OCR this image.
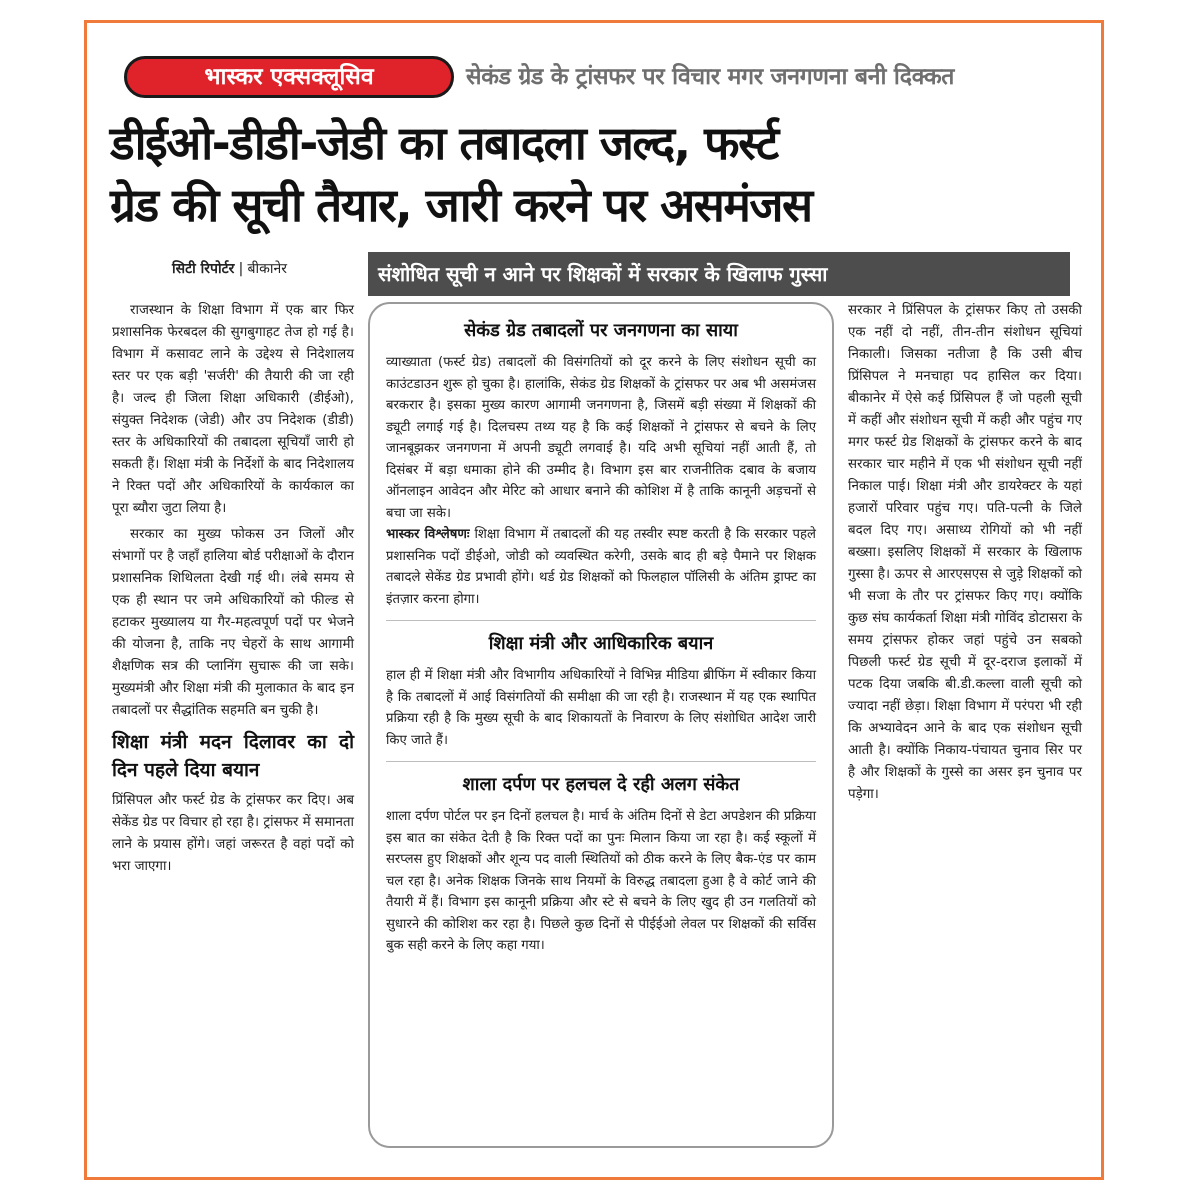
भास्कर एक्सक्लूसिव	सेकंड ग्रेड के ट्रांसफर पर विचार मगर जनगणना बनी दिक्कत
डीईओ-डीडी-जेडी का तबादला जल्द, फर्स्ट
ग्रेड की सूची तैयार, जारी करने पर असमंजस
सिटी रिपोर्टर | बीकानेर	संशोधित सूची न आने पर शिक्षकों में सरकार के खिलाफ गुस्सा

राजस्थान के शिक्षा विभाग में एक बार फिर प्रशासनिक फेरबदल की सुगबुगाहट तेज हो गई है। विभाग में कसावट लाने के उद्देश्य से निदेशालय स्तर पर एक बड़ी 'सर्जरी' की तैयारी की जा रही है। जल्द ही जिला शिक्षा अधिकारी (डीईओ), संयुक्त निदेशक (जेडी) और उप निदेशक (डीडी) स्तर के अधिकारियों की तबादला सूचियाँ जारी हो सकती हैं। शिक्षा मंत्री के निर्देशों के बाद निदेशालय ने रिक्त पदों और अधिकारियों के कार्यकाल का पूरा ब्यौरा जुटा लिया है।

सरकार का मुख्य फोकस उन जिलों और संभागों पर है जहाँ हालिया बोर्ड परीक्षाओं के दौरान प्रशासनिक शिथिलता देखी गई थी। लंबे समय से एक ही स्थान पर जमे अधिकारियों को फील्ड से हटाकर मुख्यालय या गैर-महत्वपूर्ण पदों पर भेजने की योजना है, ताकि नए चेहरों के साथ आगामी शैक्षणिक सत्र की प्लानिंग सुचारू की जा सके। मुख्यमंत्री और शिक्षा मंत्री की मुलाकात के बाद इन तबादलों पर सैद्धांतिक सहमति बन चुकी है।

शिक्षा मंत्री मदन दिलावर का दो दिन पहले दिया बयान

प्रिंसिपल और फर्स्ट ग्रेड के ट्रांसफर कर दिए। अब सेकेंड ग्रेड पर विचार हो रहा है। ट्रांसफर में समानता लाने के प्रयास होंगे। जहां जरूरत है वहां पदों को भरा जाएगा।

सेकंड ग्रेड तबादलों पर जनगणना का साया

व्याख्याता (फर्स्ट ग्रेड) तबादलों की विसंगतियों को दूर करने के लिए संशोधन सूची का काउंटडाउन शुरू हो चुका है। हालांकि, सेकंड ग्रेड शिक्षकों के ट्रांसफर पर अब भी असमंजस बरकरार है। इसका मुख्य कारण आगामी जनगणना है, जिसमें बड़ी संख्या में शिक्षकों की ड्यूटी लगाई गई है। दिलचस्प तथ्य यह है कि कई शिक्षकों ने ट्रांसफर से बचने के लिए जानबूझकर जनगणना में अपनी ड्यूटी लगवाई है। यदि अभी सूचियां नहीं आती हैं, तो दिसंबर में बड़ा धमाका होने की उम्मीद है। विभाग इस बार राजनीतिक दबाव के बजाय ऑनलाइन आवेदन और मेरिट को आधार बनाने की कोशिश में है ताकि कानूनी अड़चनों से बचा जा सके।

भास्कर विश्लेषणः शिक्षा विभाग में तबादलों की यह तस्वीर स्पष्ट करती है कि सरकार पहले प्रशासनिक पदों डीईओ, जोडी को व्यवस्थित करेगी, उसके बाद ही बड़े पैमाने पर शिक्षक तबादले सेकेंड ग्रेड प्रभावी होंगे। थर्ड ग्रेड शिक्षकों को फिलहाल पॉलिसी के अंतिम ड्राफ्ट का इंतज़ार करना होगा।

शिक्षा मंत्री और आधिकारिक बयान

हाल ही में शिक्षा मंत्री और विभागीय अधिकारियों ने विभिन्न मीडिया ब्रीफिंग में स्वीकार किया है कि तबादलों में आई विसंगतियों की समीक्षा की जा रही है। राजस्थान में यह एक स्थापित प्रक्रिया रही है कि मुख्य सूची के बाद शिकायतों के निवारण के लिए संशोधित आदेश जारी किए जाते हैं।

शाला दर्पण पर हलचल दे रही अलग संकेत

शाला दर्पण पोर्टल पर इन दिनों हलचल है। मार्च के अंतिम दिनों से डेटा अपडेशन की प्रक्रिया इस बात का संकेत देती है कि रिक्त पदों का पुनः मिलान किया जा रहा है। कई स्कूलों में सरप्लस हुए शिक्षकों और शून्य पद वाली स्थितियों को ठीक करने के लिए बैक-एंड पर काम चल रहा है। अनेक शिक्षक जिनके साथ नियमों के विरुद्ध तबादला हुआ है वे कोर्ट जाने की तैयारी में हैं। विभाग इस कानूनी प्रक्रिया और स्टे से बचने के लिए खुद ही उन गलतियों को सुधारने की कोशिश कर रहा है। पिछले कुछ दिनों से पीईईओ लेवल पर शिक्षकों की सर्विस बुक सही करने के लिए कहा गया।

सरकार ने प्रिंसिपल के ट्रांसफर किए तो उसकी एक नहीं दो नहीं, तीन-तीन संशोधन सूचियां निकाली। जिसका नतीजा है कि उसी बीच प्रिंसिपल ने मनचाहा पद हासिल कर दिया। बीकानेर में ऐसे कई प्रिंसिपल हैं जो पहली सूची में कहीं और संशोधन सूची में कही और पहुंच गए मगर फर्स्ट ग्रेड शिक्षकों के ट्रांसफर करने के बाद सरकार चार महीने में एक भी संशोधन सूची नहीं निकाल पाई। शिक्षा मंत्री और डायरेक्टर के यहां हजारों परिवार पहुंच गए। पति-पत्नी के जिले बदल दिए गए। असाध्य रोगियों को भी नहीं बख्सा। इसलिए शिक्षकों में सरकार के खिलाफ गुस्सा है। ऊपर से आरएसएस से जुड़े शिक्षकों को भी सजा के तौर पर ट्रांसफर किए गए। क्योंकि कुछ संघ कार्यकर्ता शिक्षा मंत्री गोविंद डोटासरा के समय ट्रांसफर होकर जहां पहुंचे उन सबको पिछली फर्स्ट ग्रेड सूची में दूर-दराज इलाकों में पटक दिया जबकि बी.डी.कल्ला वाली सूची को ज्यादा नहीं छेड़ा। शिक्षा विभाग में परंपरा भी रही कि अभ्यावेदन आने के बाद एक संशोधन सूची आती है। क्योंकि निकाय-पंचायत चुनाव सिर पर है और शिक्षकों के गुस्से का असर इन चुनाव पर पड़ेगा।
